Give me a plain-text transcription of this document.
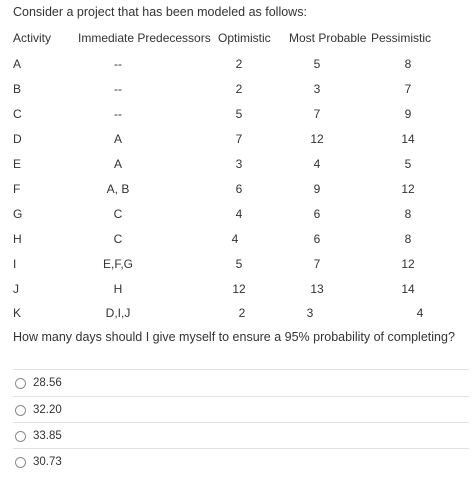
Consider a project that has been modeled as follows:
Activity Immediate Predecessors Optimistic Most Probable Pessimistic
A	--	2	5	8
B	--	2	3	7
C	--	5	7	9
D	A	7	12	14
E	A	3	4	5
F	A, B	6	9	12
G	C	4	6	8
H	C	4	6	8
I	E,F,G	5	7	12
J	H	12	13	14
K	D,I,J	2	3	4
How many days should I give myself to ensure a 95% probability of completing?
28.56
32.20
33.85
30.73
